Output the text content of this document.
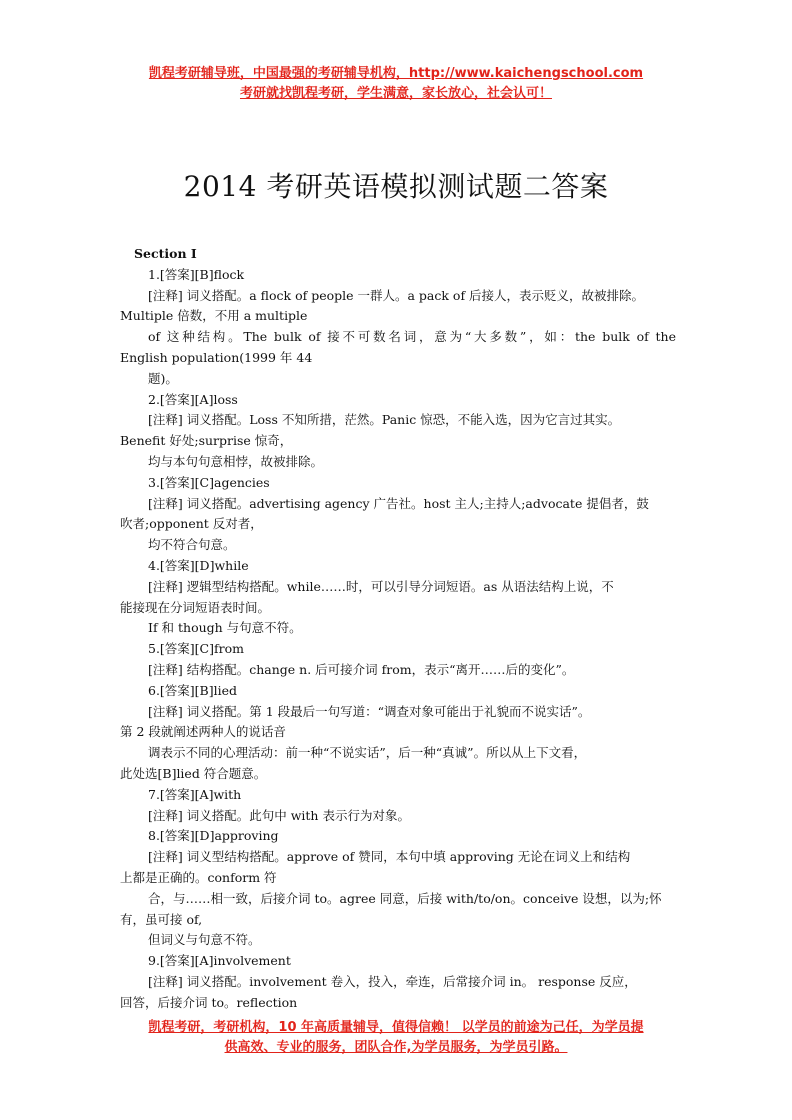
凯程考研辅导班，中国最强的考研辅导机构，http://www.kaichengschool.com
考研就找凯程考研，学生满意，家长放心，社会认可！
2014 考研英语模拟测试题二答案
Section I
1.[答案][B]flock
[注释] 词义搭配。a flock of people 一群人。a pack of 后接人，表示贬义，故被排除。
Multiple 倍数，不用 a multiple
of 这种结构。The bulk of 接不可数名词，意为“大多数”，如：the bulk of the
English population(1999 年 44
题)。
2.[答案][A]loss
[注释] 词义搭配。Loss 不知所措，茫然。Panic 惊恐，不能入选，因为它言过其实。
Benefit 好处;surprise 惊奇，
均与本句句意相悖，故被排除。
3.[答案][C]agencies
[注释] 词义搭配。advertising agency 广告社。host 主人;主持人;advocate 提倡者，鼓
吹者;opponent 反对者，
均不符合句意。
4.[答案][D]while
[注释] 逻辑型结构搭配。while……时，可以引导分词短语。as 从语法结构上说，不
能接现在分词短语表时间。
If 和 though 与句意不符。
5.[答案][C]from
[注释] 结构搭配。change n. 后可接介词 from，表示“离开……后的变化”。
6.[答案][B]lied
[注释] 词义搭配。第 1 段最后一句写道：“调查对象可能出于礼貌而不说实话”。
第 2 段就阐述两种人的说话音
调表示不同的心理活动：前一种“不说实话”，后一种“真诚”。所以从上下文看，
此处选[B]lied 符合题意。
7.[答案][A]with
[注释] 词义搭配。此句中 with 表示行为对象。
8.[答案][D]approving
[注释] 词义型结构搭配。approve of 赞同，本句中填 approving 无论在词义上和结构
上都是正确的。conform 符
合，与……相一致，后接介词 to。agree 同意，后接 with/to/on。conceive 设想，以为;怀
有，虽可接 of,
但词义与句意不符。
9.[答案][A]involvement
[注释] 词义搭配。involvement 卷入，投入，牵连，后常接介词 in。 response 反应，
回答，后接介词 to。reflection
凯程考研，考研机构，10 年高质量辅导，值得信赖！ 以学员的前途为己任，为学员提
供高效、专业的服务，团队合作,为学员服务，为学员引路。
